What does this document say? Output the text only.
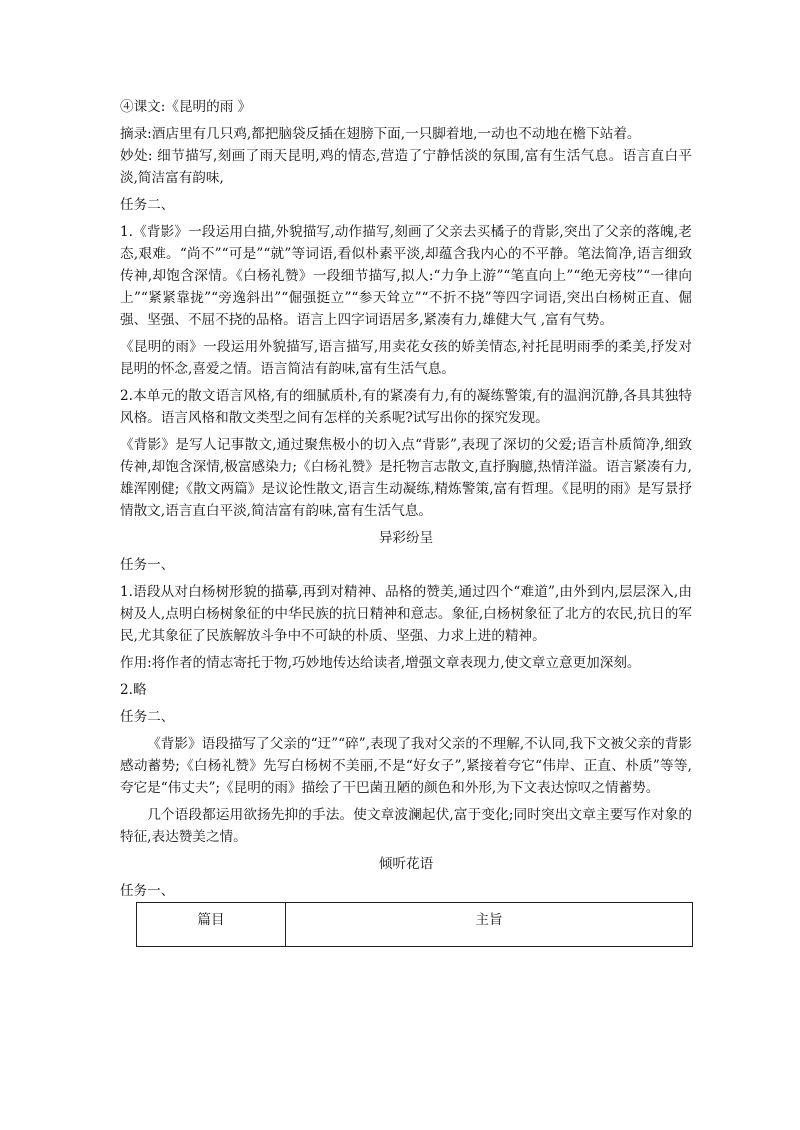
④课文:《昆明的雨 》

摘录:酒店里有几只鸡,都把脑袋反插在翅膀下面,一只脚着地,一动也不动地在檐下站着。

妙处: 细节描写,刻画了雨天昆明,鸡的情态,营造了宁静恬淡的氛围,富有生活气息。语言直白平淡,简洁富有韵味,

任务二、

1.《背影》一段运用白描,外貌描写,动作描写,刻画了父亲去买橘子的背影,突出了父亲的落魄,老态,艰难。“尚不”“可是”“就”等词语,看似朴素平淡,却蕴含我内心的不平静。笔法简净,语言细致传神,却饱含深情。《白杨礼赞》一段细节描写,拟人:“力争上游”“笔直向上”“绝无旁枝”“一律向上”“紧紧靠拢”“旁逸斜出”“倔强挺立”“参天耸立”“不折不挠”等四字词语,突出白杨树正直、倔强、坚强、不屈不挠的品格。语言上四字词语居多,紧凑有力,雄健大气 ,富有气势。

《昆明的雨》一段运用外貌描写,语言描写,用卖花女孩的娇美情态,衬托昆明雨季的柔美,抒发对昆明的怀念,喜爱之情。语言简洁有韵味,富有生活气息。

2.本单元的散文语言风格,有的细腻质朴,有的紧凑有力,有的凝练警策,有的温润沉静,各具其独特风格。语言风格和散文类型之间有怎样的关系呢?试写出你的探究发现。

《背影》是写人记事散文,通过聚焦极小的切入点“背影”,表现了深切的父爱;语言朴质简净,细致传神,却饱含深情,极富感染力;《白杨礼赞》是托物言志散文,直抒胸臆,热情洋溢。语言紧凑有力,雄浑刚健;《散文两篇》是议论性散文,语言生动凝练,精炼警策,富有哲理。《昆明的雨》是写景抒情散文,语言直白平淡,简洁富有韵味,富有生活气息。

异彩纷呈

任务一、

1.语段从对白杨树形貌的描摹,再到对精神、品格的赞美,通过四个“难道”,由外到内,层层深入,由树及人,点明白杨树象征的中华民族的抗日精神和意志。象征,白杨树象征了北方的农民,抗日的军民,尤其象征了民族解放斗争中不可缺的朴质、坚强、力求上进的精神。

作用:将作者的情志寄托于物,巧妙地传达给读者,增强文章表现力,使文章立意更加深刻。

2.略

任务二、

《背影》语段描写了父亲的“迂”“碎”,表现了我对父亲的不理解,不认同,我下文被父亲的背影感动蓄势;《白杨礼赞》先写白杨树不美丽,不是“好女子”,紧接着夸它“伟岸、正直、朴质”等等,夸它是“伟丈夫”;《昆明的雨》描绘了干巴菌丑陋的颜色和外形,为下文表达惊叹之情蓄势。

几个语段都运用欲扬先抑的手法。使文章波澜起伏,富于变化;同时突出文章主要写作对象的特征,表达赞美之情。

倾听花语

任务一、

篇目	主旨
